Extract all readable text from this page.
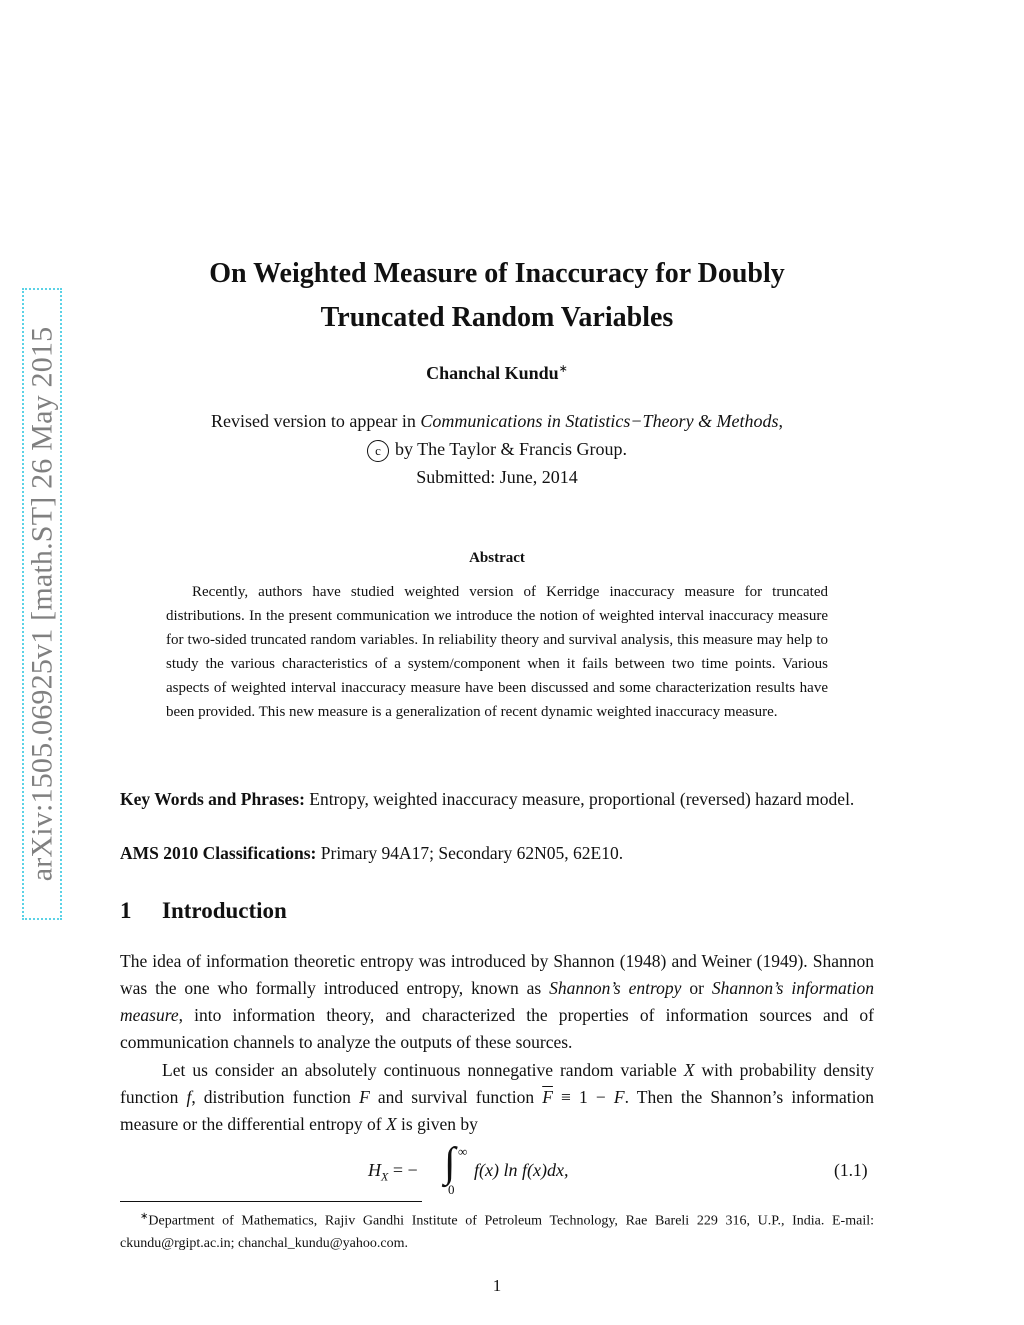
arXiv:1505.06925v1 [math.ST] 26 May 2015
On Weighted Measure of Inaccuracy for Doubly
Truncated Random Variables
Chanchal Kundu∗
Revised version to appear in Communications in Statistics−Theory & Methods,
c by The Taylor & Francis Group.
Submitted: June, 2014
Abstract
Recently, authors have studied weighted version of Kerridge inaccuracy measure for truncated distributions. In the present communication we introduce the notion of weighted interval inaccuracy measure for two-sided truncated random variables. In reliability theory and survival analysis, this measure may help to study the various characteristics of a system/component when it fails between two time points. Various aspects of weighted interval inaccuracy measure have been discussed and some characterization results have been provided. This new measure is a generalization of recent dynamic weighted inaccuracy measure.
Key Words and Phrases: Entropy, weighted inaccuracy measure, proportional (reversed) hazard model.
AMS 2010 Classifications: Primary 94A17; Secondary 62N05, 62E10.
1 Introduction
The idea of information theoretic entropy was introduced by Shannon (1948) and Weiner (1949). Shannon was the one who formally introduced entropy, known as Shannon’s entropy or Shannon’s information measure, into information theory, and characterized the properties of information sources and of communication channels to analyze the outputs of these sources.
Let us consider an absolutely continuous nonnegative random variable X with probability density function f, distribution function F and survival function $\overline{F} \equiv 1 - F$. Then the Shannon’s information measure or the differential entropy of X is given by
$H_X$ = − ∫ ∞
0
f(x) ln f(x)dx,	(1.1)
∗Department of Mathematics, Rajiv Gandhi Institute of Petroleum Technology, Rae Bareli 229 316, U.P., India. E-mail: ckundu@rgipt.ac.in; chanchal_kundu@yahoo.com.
1
